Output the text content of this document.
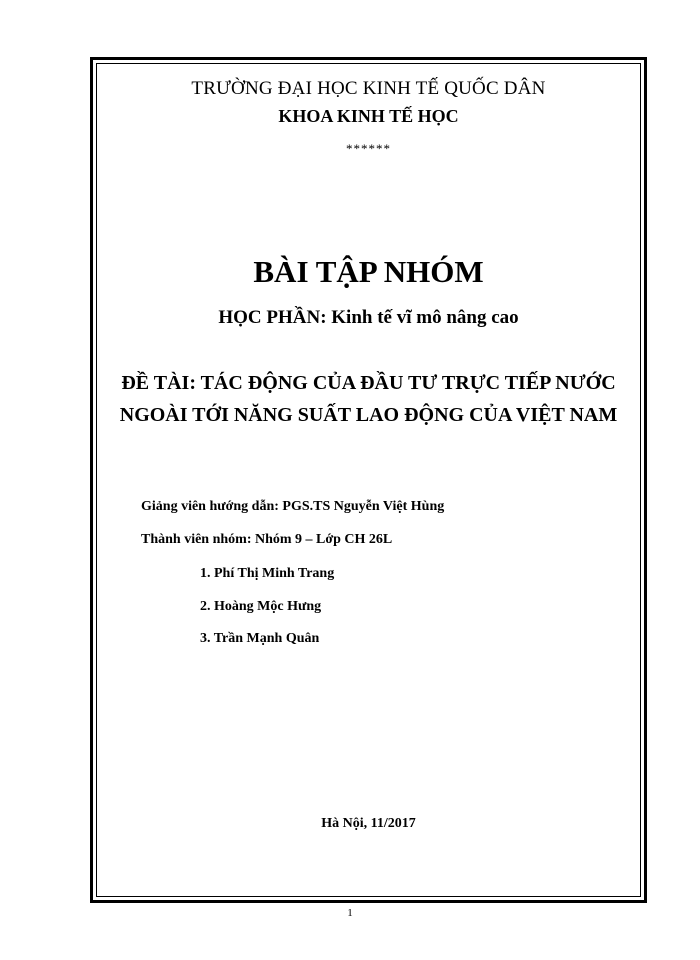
TRƯỜNG ĐẠI HỌC KINH TẾ QUỐC DÂN
KHOA KINH TẾ HỌC
******
BÀI TẬP NHÓM
HỌC PHẦN: Kinh tế vĩ mô nâng cao
ĐỀ TÀI: TÁC ĐỘNG CỦA ĐẦU TƯ TRỰC TIẾP NƯỚC
NGOÀI TỚI NĂNG SUẤT LAO ĐỘNG CỦA VIỆT NAM
Giảng viên hướng dẫn: PGS.TS Nguyễn Việt Hùng
Thành viên nhóm: Nhóm 9 – Lớp CH 26L
1. Phí Thị Minh Trang
2. Hoàng Mộc Hưng
3. Trần Mạnh Quân
Hà Nội, 11/2017
1
